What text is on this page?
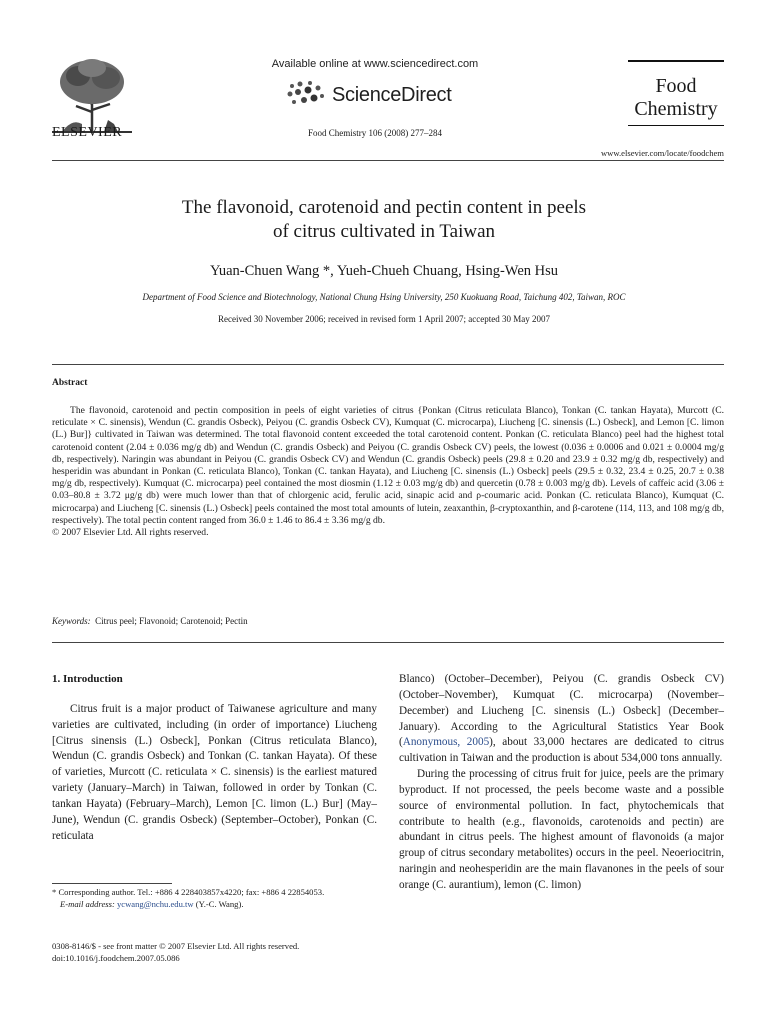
ELSEVIER
Available online at www.sciencedirect.com
ScienceDirect
Food Chemistry 106 (2008) 277–284
Food
Chemistry
www.elsevier.com/locate/foodchem
The flavonoid, carotenoid and pectin content in peels
of citrus cultivated in Taiwan
Yuan-Chuen Wang *, Yueh-Chueh Chuang, Hsing-Wen Hsu
Department of Food Science and Biotechnology, National Chung Hsing University, 250 Kuokuang Road, Taichung 402, Taiwan, ROC
Received 30 November 2006; received in revised form 1 April 2007; accepted 30 May 2007
Abstract

The flavonoid, carotenoid and pectin composition in peels of eight varieties of citrus {Ponkan (Citrus reticulata Blanco), Tonkan (C. tankan Hayata), Murcott (C. reticulate × C. sinensis), Wendun (C. grandis Osbeck), Peiyou (C. grandis Osbeck CV), Kumquat (C. microcarpa), Liucheng [C. sinensis (L.) Osbeck], and Lemon [C. limon (L.) Bur]} cultivated in Taiwan was determined. The total flavonoid content exceeded the total carotenoid content. Ponkan (C. reticulata Blanco) peel had the highest total carotenoid content (2.04 ± 0.036 mg/g db) and Wendun (C. grandis Osbeck) and Peiyou (C. grandis Osbeck CV) peels, the lowest (0.036 ± 0.0006 and 0.021 ± 0.0004 mg/g db, respectively). Naringin was abundant in Peiyou (C. grandis Osbeck CV) and Wendun (C. grandis Osbeck) peels (29.8 ± 0.20 and 23.9 ± 0.32 mg/g db, respectively) and hesperidin was abundant in Ponkan (C. reticulata Blanco), Tonkan (C. tankan Hayata), and Liucheng [C. sinensis (L.) Osbeck] peels (29.5 ± 0.32, 23.4 ± 0.25, 20.7 ± 0.38 mg/g db, respectively). Kumquat (C. microcarpa) peel contained the most diosmin (1.12 ± 0.03 mg/g db) and quercetin (0.78 ± 0.003 mg/g db). Levels of caffeic acid (3.06 ± 0.03–80.8 ± 3.72 μg/g db) were much lower than that of chlorgenic acid, ferulic acid, sinapic acid and ρ-coumaric acid. Ponkan (C. reticulata Blanco), Kumquat (C. microcarpa) and Liucheng [C. sinensis (L.) Osbeck] peels contained the most total amounts of lutein, zeaxanthin, β-cryptoxanthin, and β-carotene (114, 113, and 108 mg/g db, respectively). The total pectin content ranged from 36.0 ± 1.46 to 86.4 ± 3.36 mg/g db.

© 2007 Elsevier Ltd. All rights reserved.

Keywords: Citrus peel; Flavonoid; Carotenoid; Pectin

1. Introduction

Citrus fruit is a major product of Taiwanese agriculture and many varieties are cultivated, including (in order of importance) Liucheng [Citrus sinensis (L.) Osbeck], Ponkan (Citrus reticulata Blanco), Wendun (C. grandis Osbeck) and Tonkan (C. tankan Hayata). Of these of varieties, Murcott (C. reticulata × C. sinensis) is the earliest matured variety (January–March) in Taiwan, followed in order by Tonkan (C. tankan Hayata) (February–March), Lemon [C. limon (L.) Bur] (May–June), Wendun (C. grandis Osbeck) (September–October), Ponkan (C. reticulata

* Corresponding author. Tel.: +886 4 228403857x4220; fax: +886 4 22854053.

E-mail address: ycwang@nchu.edu.tw (Y.-C. Wang).

0308-8146/$ - see front matter © 2007 Elsevier Ltd. All rights reserved.

doi:10.1016/j.foodchem.2007.05.086

Blanco) (October–December), Peiyou (C. grandis Osbeck CV) (October–November), Kumquat (C. microcarpa) (November–December) and Liucheng [C. sinensis (L.) Osbeck] (December–January). According to the Agricultural Statistics Year Book (Anonymous, 2005), about 33,000 hectares are dedicated to citrus cultivation in Taiwan and the production is about 534,000 tons annually.

During the processing of citrus fruit for juice, peels are the primary byproduct. If not processed, the peels become waste and a possible source of environmental pollution. In fact, phytochemicals that contribute to health (e.g., flavonoids, carotenoids and pectin) are abundant in citrus peels. The highest amount of flavonoids (a major group of citrus secondary metabolites) occurs in the peel. Neoeriocitrin, naringin and neohesperidin are the main flavanones in the peels of sour orange (C. aurantium), lemon (C. limon)
